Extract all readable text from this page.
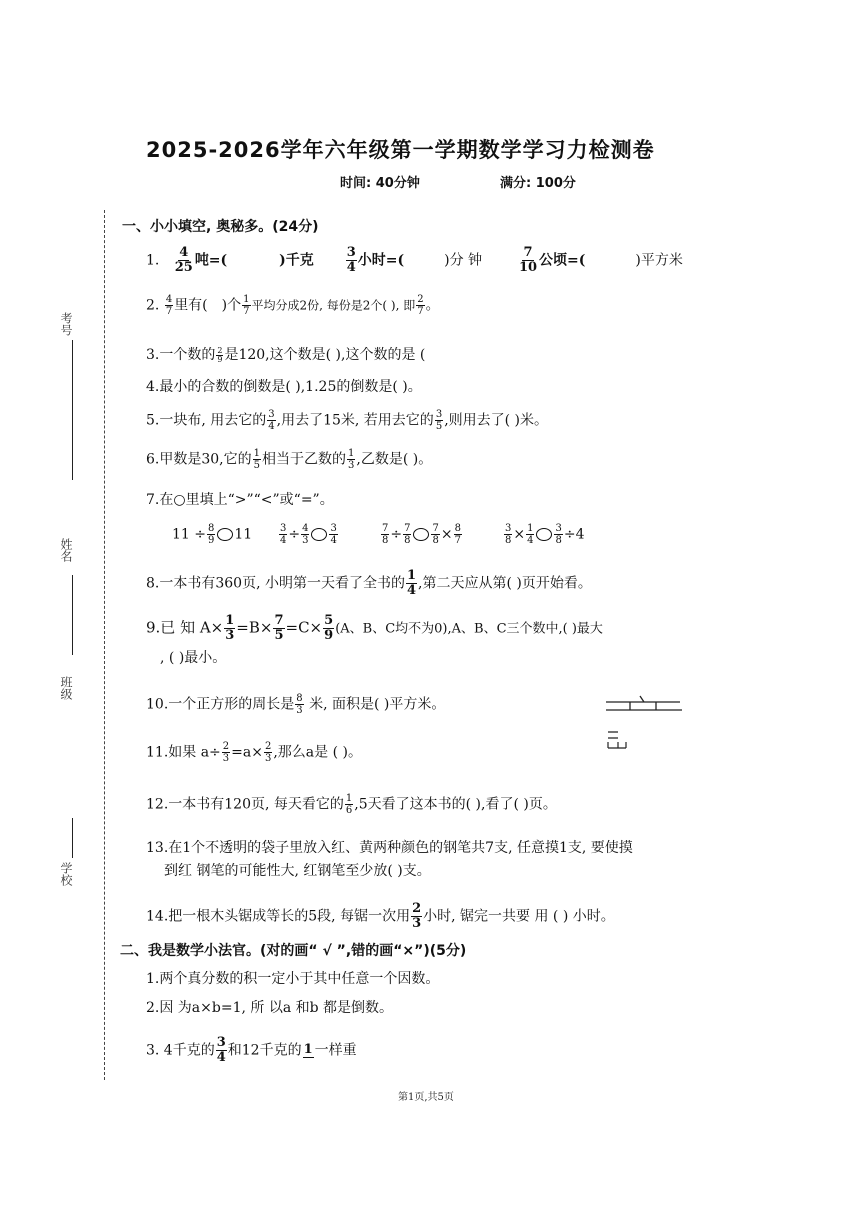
考号
姓名
班级
学校
2025-2026学年六年级第一学期数学学习力检测卷
时间: 40分钟	满分: 100分
一、小小填空, 奥秘多。(24分)
1. $\frac{4}{25}$ 吨=(	)千克 $\frac{3}{4}$ 小时=(	)分 钟	$\frac{7}{10}$ 公顷=(	)平方米
2. $\frac{4}{7}$ 里有( )个 $\frac{1}{7}$ 平均分成2份, 每份是2个( ), 即 $\frac{2}{7}$ 。
3.一个数的 $\frac{2}{9}$ 是120,这个数是( ),这个数的是 (
4.最小的合数的倒数是( ),1.25的倒数是( )。
5.一块布, 用去它的 $\frac{3}{4}$ ,用去了15米, 若用去它的 $\frac{3}{5}$ ,则用去了( )米。
6.甲数是30,它的 $\frac{1}{5}$ 相当于乙数的 $\frac{1}{3}$ ,乙数是( )。
7.在○里填上“>”“<”或“=”。
$11 \div \frac{8}{9} 11$	$\frac{3}{4} \div \frac{4}{3} \frac{3}{4}$	$\frac{7}{8} \div \frac{7}{8} \frac{7}{8} \times \frac{8}{7}$	$\frac{3}{8} \times \frac{1}{4} \frac{3}{8} \div 4$
8.一本书有360页, 小明第一天看了全书的 $\frac{1}{4}$ ,第二天应从第( )页开始看。
9.已 知 $A\times \frac{1}{3} =B\times \frac{7}{5} =C\times \frac{5}{9} (A$、B、C均不为0),A、B、C三个数中,( )最大
, ( )最小。
10.一个正方形的周长是 $\frac{8}{3}$ 米, 面积是( )平方米。
11.如果 $a\div \frac{2}{3} =a\times \frac{2}{3}$ ,那么a是 ( )。
12.一本书有120页, 每天看它的 $\frac{1}{6} ,5$天看了这本书的( ),看了( )页。
13.在1个不透明的袋子里放入红、黄两种颜色的钢笔共7支, 任意摸1支, 要使摸
到红 钢笔的可能性大, 红钢笔至少放( )支。
14.把一根木头锯成等长的5段, 每锯一次用 $\frac{2}{3}$ 小时, 锯完一共要 用 ( ) 小时。
二、我是数学小法官。(对的画“ √ ”,错的画“×”)(5分)
1.两个真分数的积一定小于其中任意一个因数。
2.因 为a×b=1, 所 以a 和b 都是倒数。
3. 4千克的 $\frac{3}{4}$ 和12千克的 1 一样重
第1页,共5页
